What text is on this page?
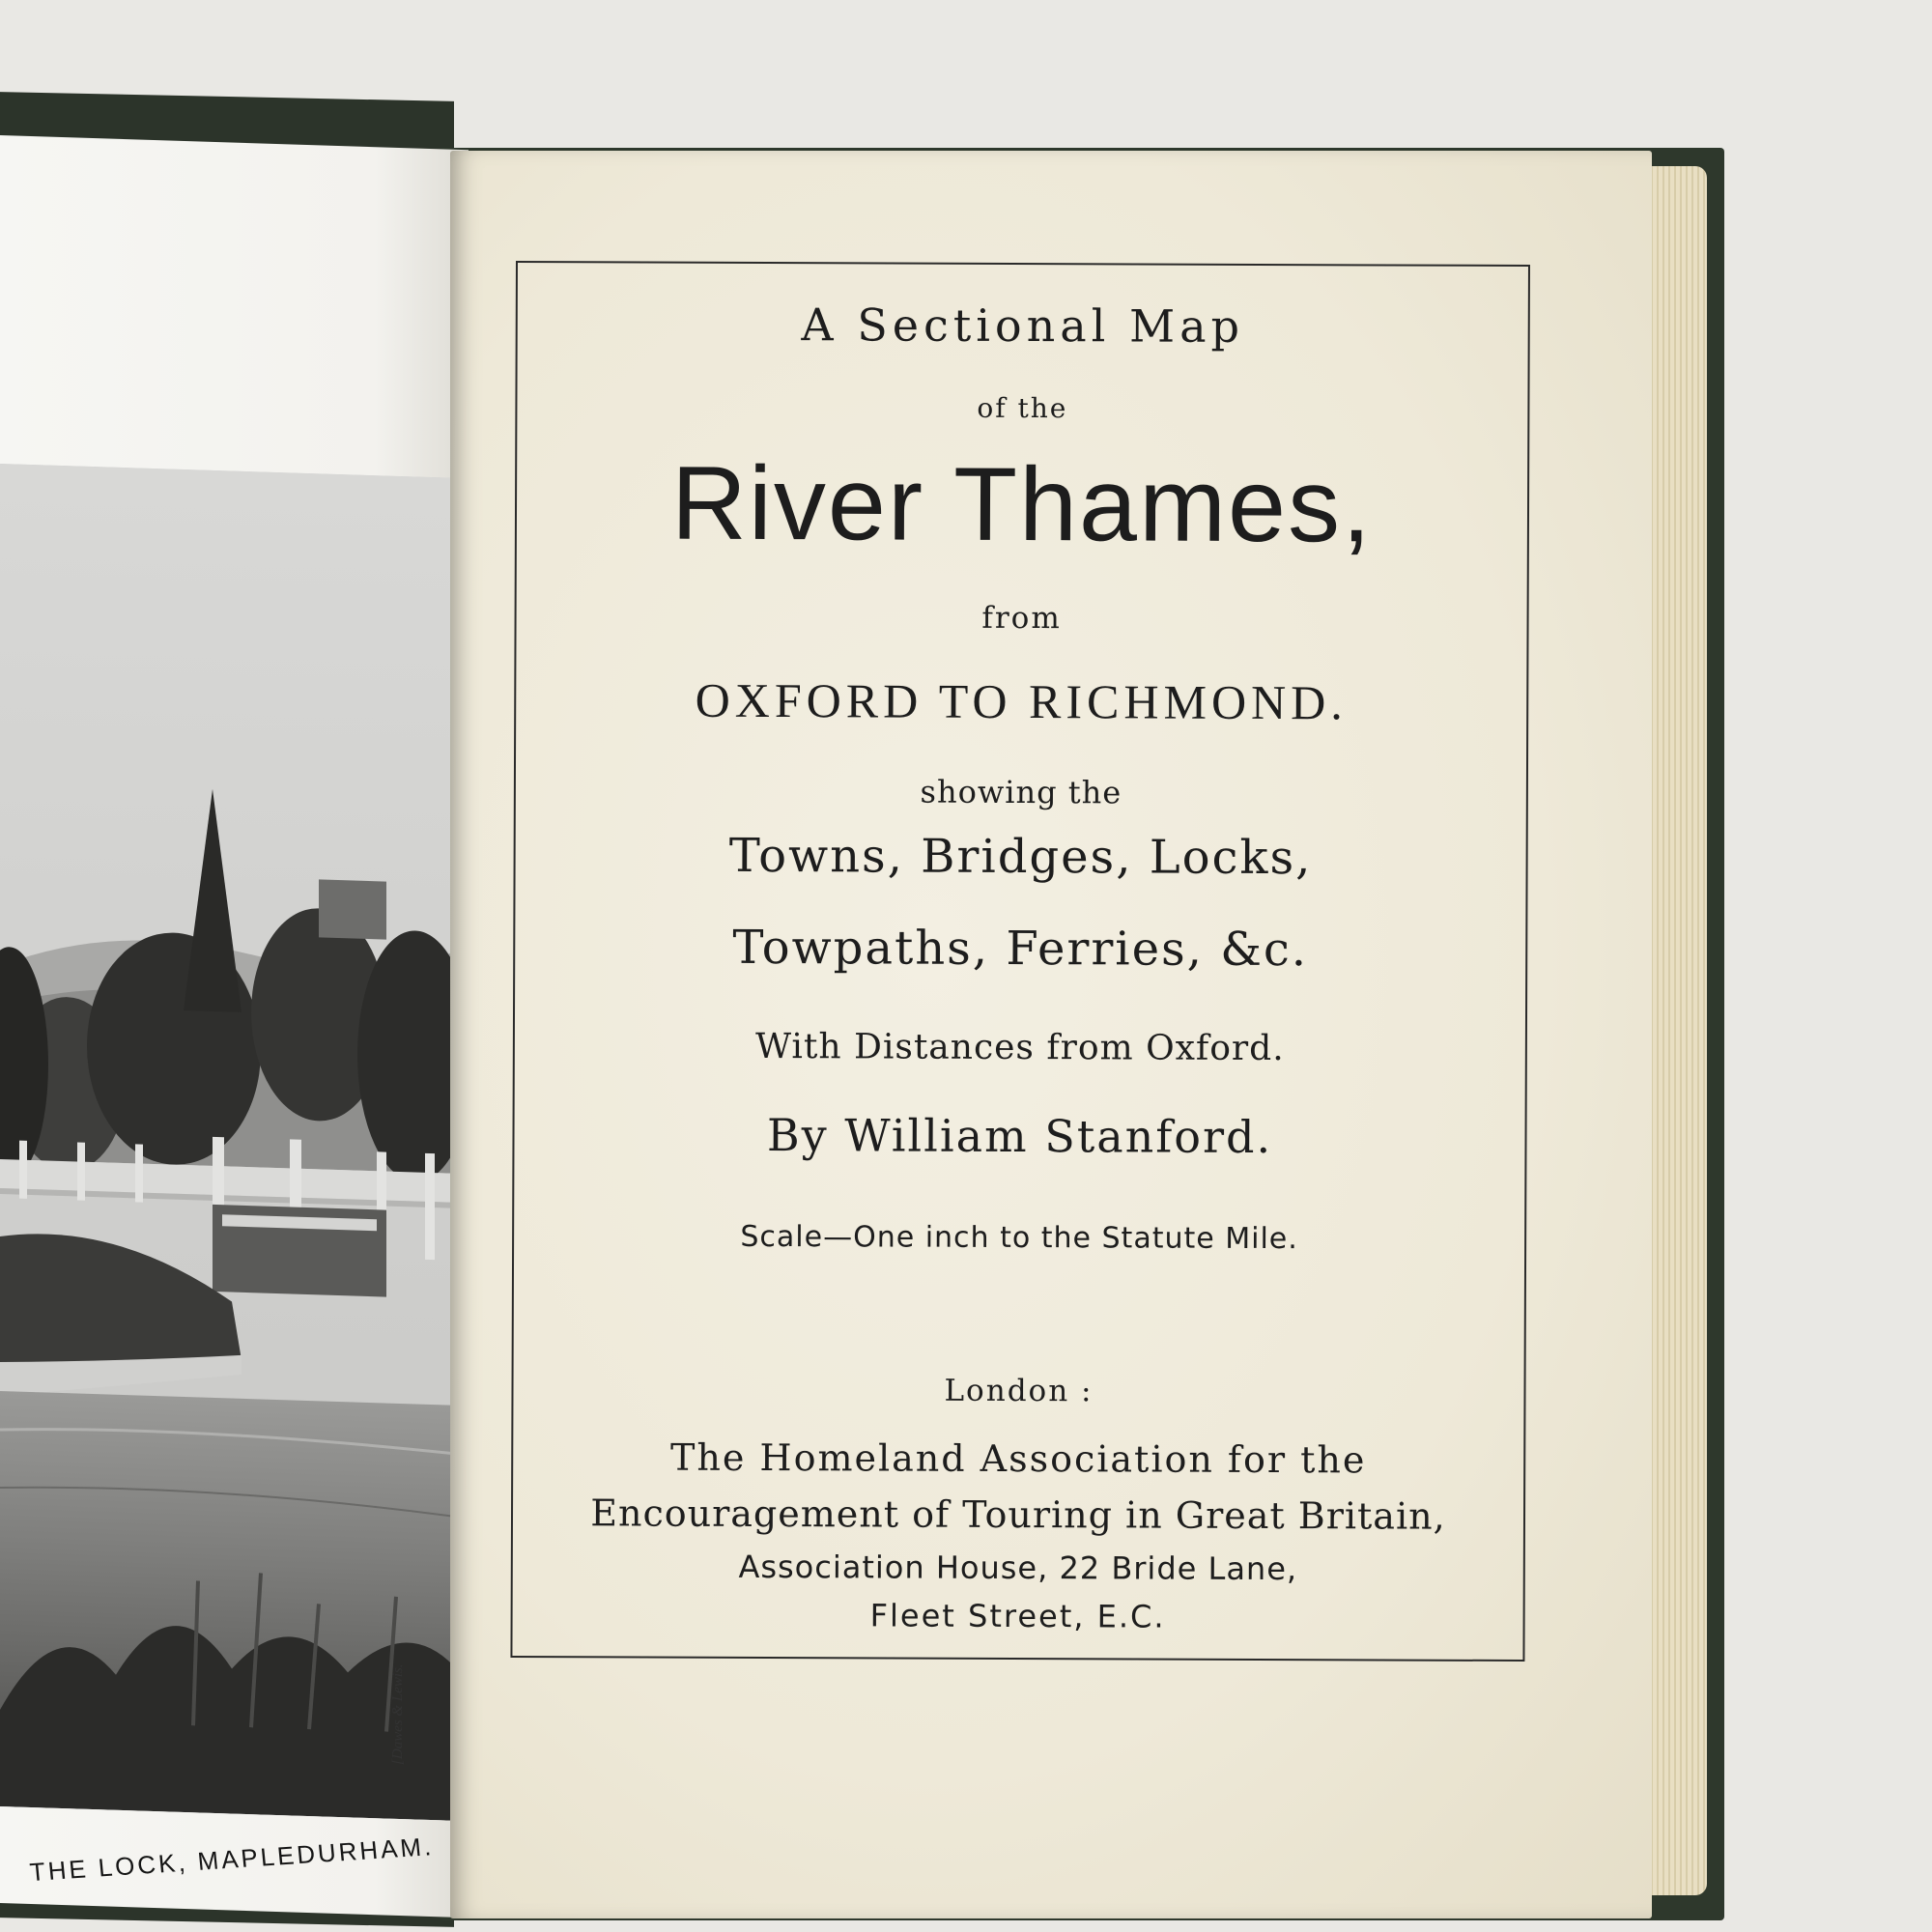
[Dawes & Lewis.
THE LOCK, MAPLEDURHAM.
A Sectional Map
of the
River Thames,
from
OXFORD TO RICHMOND.
showing the
Towns, Bridges, Locks,
Towpaths, Ferries, &c.
With Distances from Oxford.
By William Stanford.
Scale—One inch to the Statute Mile.
London :
The Homeland Association for the
Encouragement of Touring in Great Britain,
Association House, 22 Bride Lane,
Fleet Street, E.C.
